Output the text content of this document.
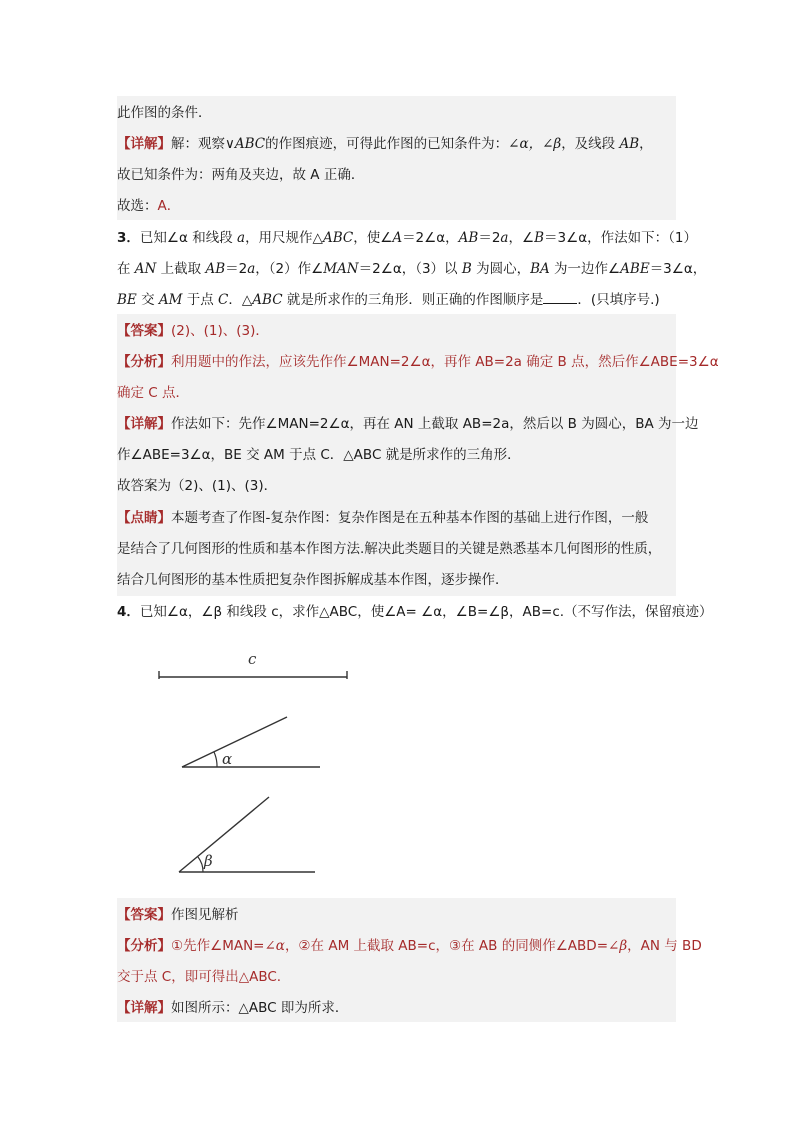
此作图的条件．
【详解】解：观察∨ABC的作图痕迹，可得此作图的已知条件为：∠α，∠β，及线段 AB，
故已知条件为：两角及夹边，故 A 正确．
故选：A．
3．已知∠α 和线段 a，用尺规作△ABC，使∠A＝2∠α，AB＝2a，∠B＝3∠α，作法如下：（1）
在 AN 上截取 AB＝2a，（2）作∠MAN＝2∠α，（3）以 B 为圆心，BA 为一边作∠ABE＝3∠α，
BE 交 AM 于点 C．△ABC 就是所求作的三角形．则正确的作图顺序是	．(只填序号.)
【答案】(2)、(1)、(3)．
【分析】利用题中的作法，应该先作作∠MAN=2∠α，再作 AB=2a 确定 B 点，然后作∠ABE=3∠α
确定 C 点．
【详解】作法如下：先作∠MAN=2∠α，再在 AN 上截取 AB=2a，然后以 B 为圆心，BA 为一边
作∠ABE=3∠α，BE 交 AM 于点 C．△ABC 就是所求作的三角形．
故答案为（2)、(1)、(3)．
【点睛】本题考查了作图-复杂作图：复杂作图是在五种基本作图的基础上进行作图，一般
是结合了几何图形的性质和基本作图方法.解决此类题目的关键是熟悉基本几何图形的性质，
结合几何图形的基本性质把复杂作图拆解成基本作图，逐步操作．
4．已知∠α，∠β 和线段 c，求作△ABC，使∠A= ∠α，∠B=∠β，AB=c.（不写作法，保留痕迹）
c
α
β
【答案】作图见解析
【分析】①先作∠MAN=∠α，②在 AM 上截取 AB=c，③在 AB 的同侧作∠ABD=∠β，AN 与 BD
交于点 C，即可得出△ABC.
【详解】如图所示：△ABC 即为所求．
